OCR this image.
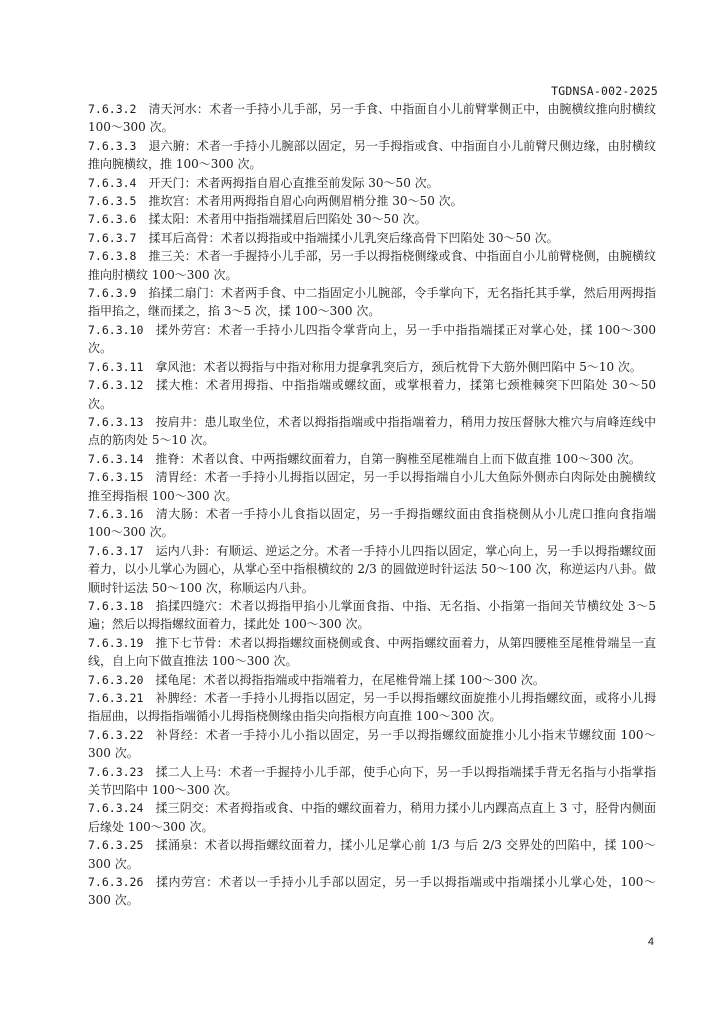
TGDNSA-002-2025

7.6.3.2 清天河水：术者一手持小儿手部，另一手食、中指面自小儿前臂掌侧正中，由腕横纹推向肘横纹 100～300 次。

7.6.3.3 退六腑：术者一手持小儿腕部以固定，另一手拇指或食、中指面自小儿前臂尺侧边缘，由肘横纹推向腕横纹，推 100～300 次。

7.6.3.4 开天门：术者两拇指自眉心直推至前发际 30～50 次。

7.6.3.5 推坎宫：术者用两拇指自眉心向两侧眉梢分推 30～50 次。

7.6.3.6 揉太阳：术者用中指指端揉眉后凹陷处 30～50 次。

7.6.3.7 揉耳后高骨：术者以拇指或中指端揉小儿乳突后缘高骨下凹陷处 30～50 次。

7.6.3.8 推三关：术者一手握持小儿手部，另一手以拇指桡侧缘或食、中指面自小儿前臂桡侧，由腕横纹推向肘横纹 100～300 次。

7.6.3.9 掐揉二扇门：术者两手食、中二指固定小儿腕部，令手掌向下，无名指托其手掌，然后用两拇指指甲掐之，继而揉之，掐 3～5 次，揉 100～300 次。

7.6.3.10 揉外劳宫：术者一手持小儿四指令掌背向上，另一手中指指端揉正对掌心处，揉 100～300 次。

7.6.3.11 拿风池：术者以拇指与中指对称用力提拿乳突后方，颈后枕骨下大筋外侧凹陷中 5～10 次。

7.6.3.12 揉大椎：术者用拇指、中指指端或螺纹面，或掌根着力，揉第七颈椎棘突下凹陷处 30～50 次。

7.6.3.13 按肩井：患儿取坐位，术者以拇指指端或中指指端着力，稍用力按压督脉大椎穴与肩峰连线中点的筋肉处 5～10 次。

7.6.3.14 推脊：术者以食、中两指螺纹面着力，自第一胸椎至尾椎端自上而下做直推 100～300 次。

7.6.3.15 清胃经：术者一手持小儿拇指以固定，另一手以拇指端自小儿大鱼际外侧赤白肉际处由腕横纹推至拇指根 100～300 次。

7.6.3.16 清大肠：术者一手持小儿食指以固定，另一手拇指螺纹面由食指桡侧从小儿虎口推向食指端 100～300 次。

7.6.3.17 运内八卦：有顺运、逆运之分。术者一手持小儿四指以固定，掌心向上，另一手以拇指螺纹面着力，以小儿掌心为圆心，从掌心至中指根横纹的 2/3 的圆做逆时针运法 50～100 次，称逆运内八卦。做顺时针运法 50～100 次，称顺运内八卦。

7.6.3.18 掐揉四缝穴：术者以拇指甲掐小儿掌面食指、中指、无名指、小指第一指间关节横纹处 3～5 遍；然后以拇指螺纹面着力，揉此处 100～300 次。

7.6.3.19 推下七节骨：术者以拇指螺纹面桡侧或食、中两指螺纹面着力，从第四腰椎至尾椎骨端呈一直线，自上向下做直推法 100～300 次。

7.6.3.20 揉龟尾：术者以拇指指端或中指端着力，在尾椎骨端上揉 100～300 次。

7.6.3.21 补脾经：术者一手持小儿拇指以固定，另一手以拇指螺纹面旋推小儿拇指螺纹面，或将小儿拇指屈曲，以拇指指端循小儿拇指桡侧缘由指尖向指根方向直推 100～300 次。

7.6.3.22 补肾经：术者一手持小儿小指以固定，另一手以拇指螺纹面旋推小儿小指末节螺纹面 100～300 次。

7.6.3.23 揉二人上马：术者一手握持小儿手部，使手心向下，另一手以拇指端揉手背无名指与小指掌指关节凹陷中 100～300 次。

7.6.3.24 揉三阴交：术者拇指或食、中指的螺纹面着力，稍用力揉小儿内踝高点直上 3 寸，胫骨内侧面后缘处 100～300 次。

7.6.3.25 揉涌泉：术者以拇指螺纹面着力，揉小儿足掌心前 1/3 与后 2/3 交界处的凹陷中，揉 100～300 次。

7.6.3.26 揉内劳宫：术者以一手持小儿手部以固定，另一手以拇指端或中指端揉小儿掌心处，100～300 次。

4
